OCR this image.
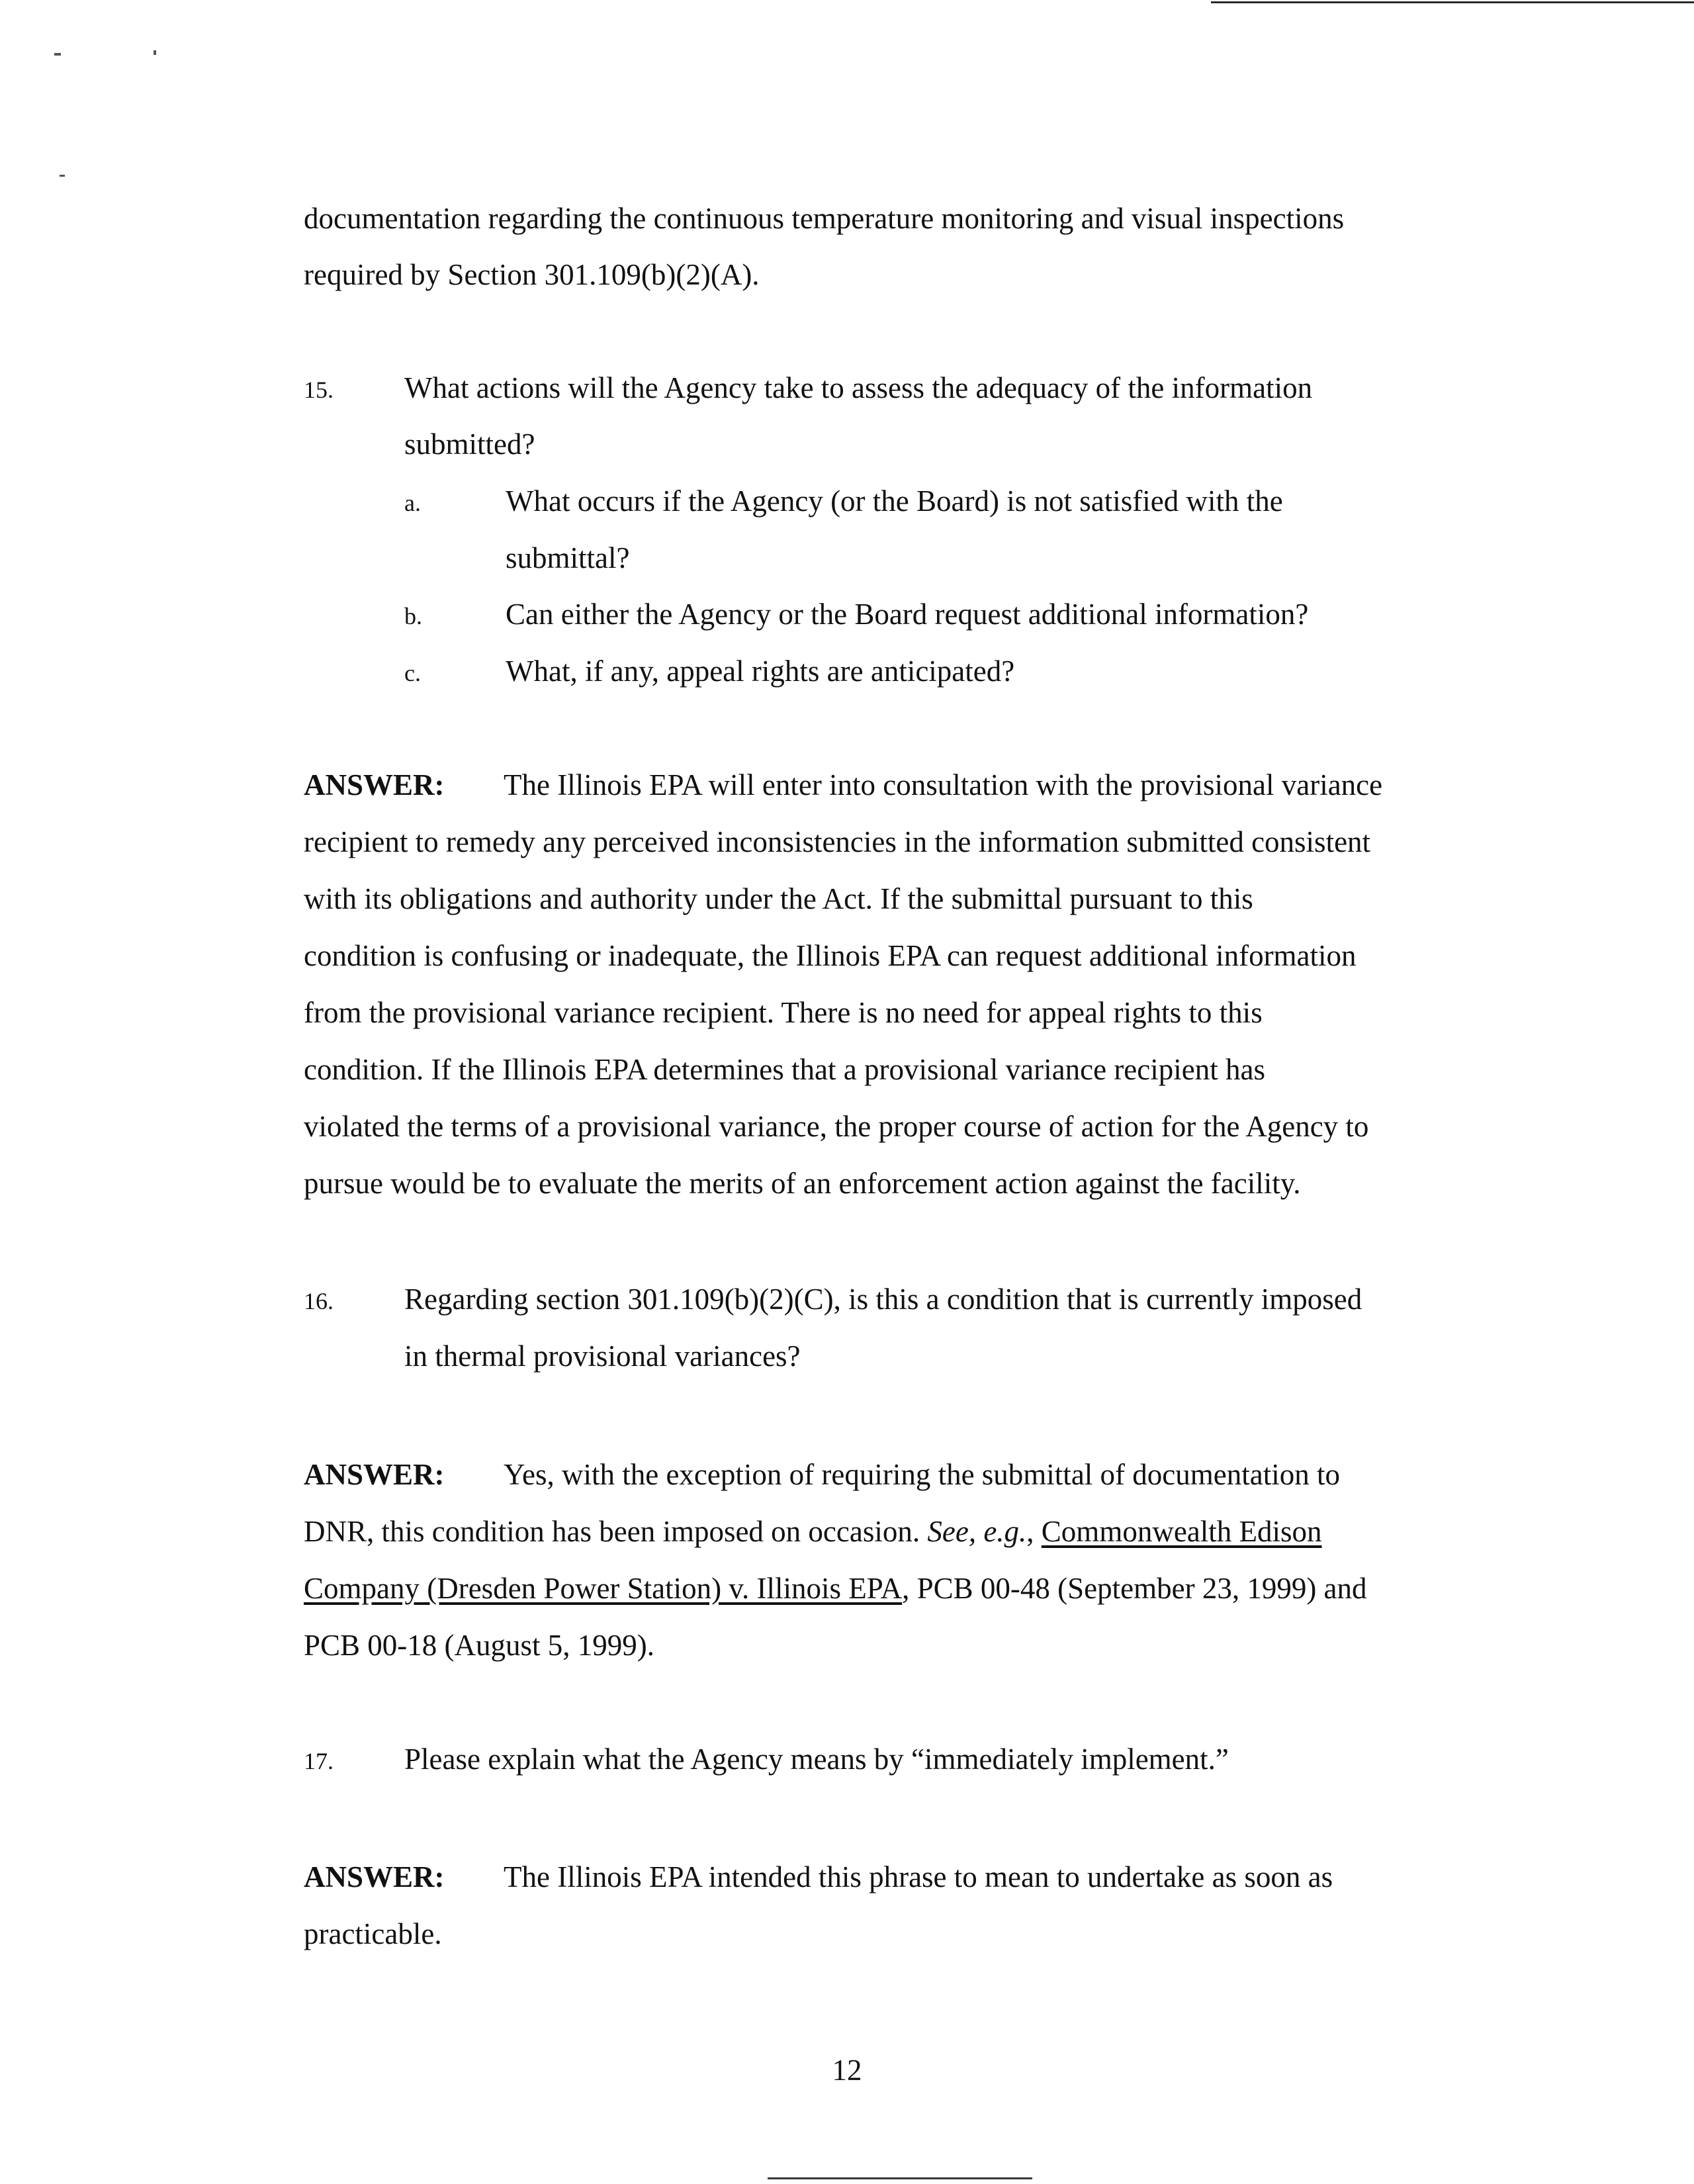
documentation regarding the continuous temperature monitoring and visual inspections
required by Section 301.109(b)(2)(A).
15. What actions will the Agency take to assess the adequacy of the information
submitted?
a.	What occurs if the Agency (or the Board) is not satisfied with the
submittal?
b.	Can either the Agency or the Board request additional information?
c.	What, if any, appeal rights are anticipated?
ANSWER: The Illinois EPA will enter into consultation with the provisional variance
recipient to remedy any perceived inconsistencies in the information submitted consistent
with its obligations and authority under the Act. If the submittal pursuant to this
condition is confusing or inadequate, the Illinois EPA can request additional information
from the provisional variance recipient. There is no need for appeal rights to this
condition. If the Illinois EPA determines that a provisional variance recipient has
violated the terms of a provisional variance, the proper course of action for the Agency to
pursue would be to evaluate the merits of an enforcement action against the facility.
16. Regarding section 301.109(b)(2)(C), is this a condition that is currently imposed
in thermal provisional variances?
ANSWER: Yes, with the exception of requiring the submittal of documentation to
DNR, this condition has been imposed on occasion. See, e.g., Commonwealth Edison
Company (Dresden Power Station) v. Illinois EPA, PCB 00-48 (September 23, 1999) and
PCB 00-18 (August 5, 1999).
17. Please explain what the Agency means by “immediately implement.”
ANSWER: The Illinois EPA intended this phrase to mean to undertake as soon as
practicable.
12
